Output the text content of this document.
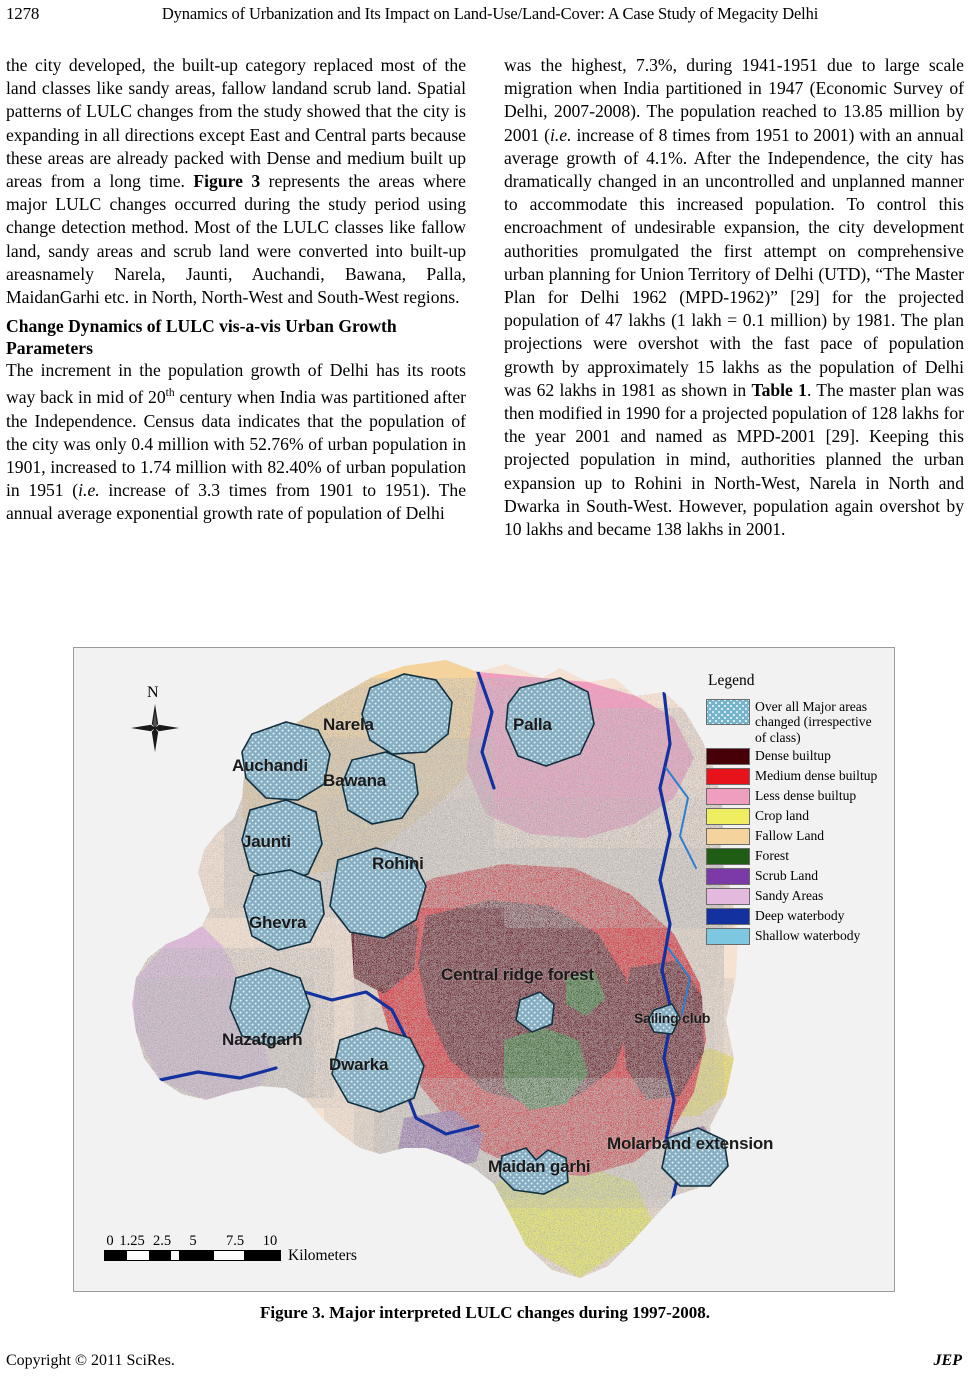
1278	Dynamics of Urbanization and Its Impact on Land-Use/Land-Cover: A Case Study of Megacity Delhi

the city developed, the built-up category replaced most of the land classes like sandy areas, fallow landand scrub land. Spatial patterns of LULC changes from the study showed that the city is expanding in all directions except East and Central parts because these areas are already packed with Dense and medium built up areas from a long time. Figure 3 represents the areas where major LULC changes occurred during the study period using change detection method. Most of the LULC classes like fallow land, sandy areas and scrub land were converted into built-up areasnamely Narela, Jaunti, Auchandi, Bawana, Palla, MaidanGarhi etc. in North, North-West and South-West regions.

Change Dynamics of LULC vis-a-vis Urban Growth Parameters

The increment in the population growth of Delhi has its roots way back in mid of 20th century when India was partitioned after the Independence. Census data indicates that the population of the city was only 0.4 million with 52.76% of urban population in 1901, increased to 1.74 million with 82.40% of urban population in 1951 (i.e. increase of 3.3 times from 1901 to 1951). The annual average exponential growth rate of population of Delhi

was the highest, 7.3%, during 1941-1951 due to large scale migration when India partitioned in 1947 (Economic Survey of Delhi, 2007-2008). The population reached to 13.85 million by 2001 (i.e. increase of 8 times from 1951 to 2001) with an annual average growth of 4.1%. After the Independence, the city has dramatically changed in an uncontrolled and unplanned manner to accommodate this increased population. To control this encroachment of undesirable expansion, the city development authorities promulgated the first attempt on comprehensive urban planning for Union Territory of Delhi (UTD), “The Master Plan for Delhi 1962 (MPD-1962)” [29] for the projected population of 47 lakhs (1 lakh = 0.1 million) by 1981. The plan projections were overshot with the fast pace of population growth by approximately 15 lakhs as the population of Delhi was 62 lakhs in 1981 as shown in Table 1. The master plan was then modified in 1990 for a projected population of 128 lakhs for the year 2001 and named as MPD-2001 [29]. Keeping this projected population in mind, authorities planned the urban expansion up to Rohini in North-West, Narela in North and Dwarka in South-West. However, population again overshot by 10 lakhs and became 138 lakhs in 2001.

N
0 1.25 2.5 5 7.5 10
Kilometers
Legend
Over all Major areas changed (irrespective of class)
Dense builtup
Medium dense builtup
Less dense builtup
Crop land
Fallow Land
Forest
Scrub Land
Sandy Areas
Deep waterbody
Shallow waterbody
Narela	Palla
Auchandi
Bawana
Jaunti
Rohini
Ghevra
Central ridge forest
Nazafgarh
Sailing club
Dwarka
Molarband extension
Maidan garhi
Figure 3. Major interpreted LULC changes during 1997-2008.
Copyright © 2011 SciRes.	JEP
